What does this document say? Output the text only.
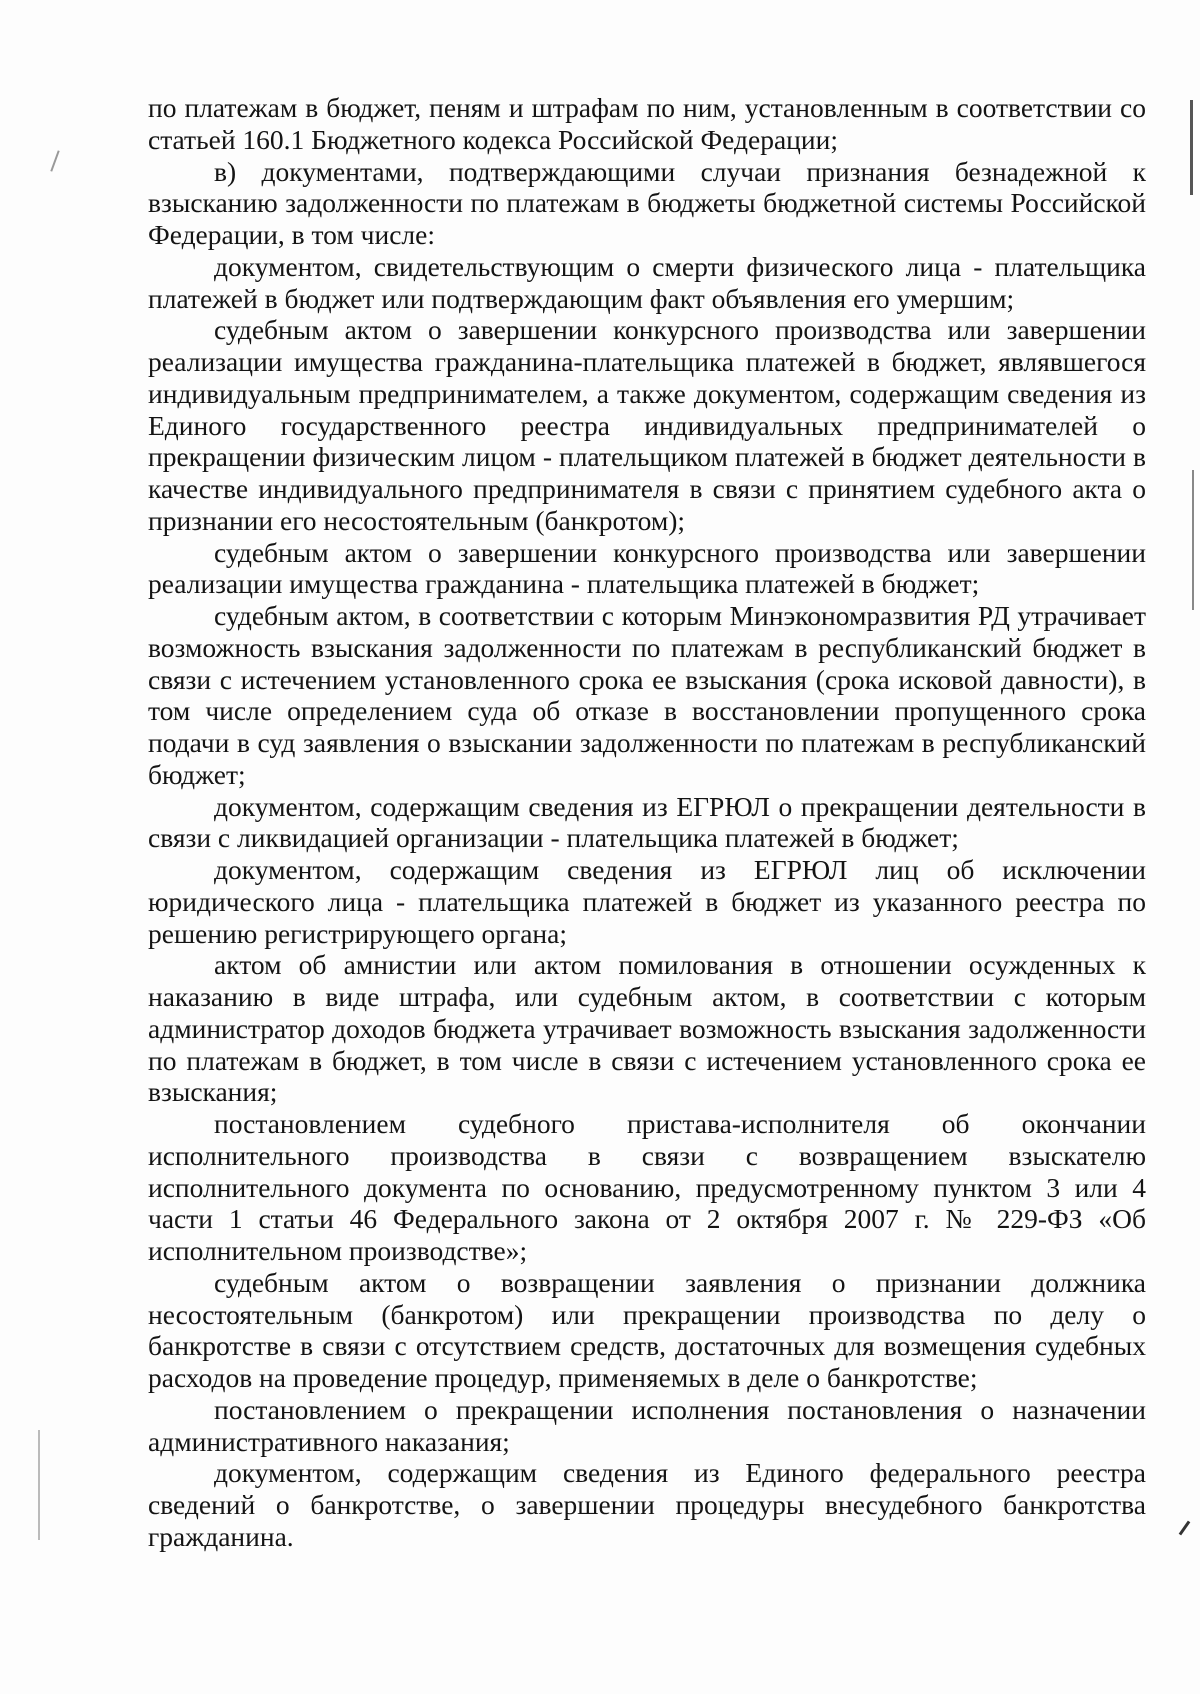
по платежам в бюджет, пеням и штрафам по ним, установленным в соответствии со статьей 160.1 Бюджетного кодекса Российской Федерации;

в) документами, подтверждающими случаи признания безнадежной к взысканию задолженности по платежам в бюджеты бюджетной системы Российской Федерации, в том числе:

документом, свидетельствующим о смерти физического лица - плательщика платежей в бюджет или подтверждающим факт объявления его умершим;

судебным актом о завершении конкурсного производства или завершении реализации имущества гражданина-плательщика платежей в бюджет, являвшегося индивидуальным предпринимателем, а также документом, содержащим сведения из Единого государственного реестра индивидуальных предпринимателей о прекращении физическим лицом - плательщиком платежей в бюджет деятельности в качестве индивидуального предпринимателя в связи с принятием судебного акта о признании его несостоятельным (банкротом);

судебным актом о завершении конкурсного производства или завершении реализации имущества гражданина - плательщика платежей в бюджет;

судебным актом, в соответствии с которым Минэкономразвития РД утрачивает возможность взыскания задолженности по платежам в республиканский бюджет в связи с истечением установленного срока ее взыскания (срока исковой давности), в том числе определением суда об отказе в восстановлении пропущенного срока подачи в суд заявления о взыскании задолженности по платежам в республиканский бюджет;

документом, содержащим сведения из ЕГРЮЛ о прекращении деятельности в связи с ликвидацией организации - плательщика платежей в бюджет;

документом, содержащим сведения из ЕГРЮЛ лиц об исключении юридического лица - плательщика платежей в бюджет из указанного реестра по решению регистрирующего органа;

актом об амнистии или актом помилования в отношении осужденных к наказанию в виде штрафа, или судебным актом, в соответствии с которым администратор доходов бюджета утрачивает возможность взыскания задолженности по платежам в бюджет, в том числе в связи с истечением установленного срока ее взыскания;

постановлением судебного пристава-исполнителя об окончании исполнительного производства в связи с возвращением взыскателю исполнительного документа по основанию, предусмотренному пунктом 3 или 4 части 1 статьи 46 Федерального закона от 2 октября 2007 г. № 229-ФЗ «Об исполнительном производстве»;

судебным актом о возвращении заявления о признании должника несостоятельным (банкротом) или прекращении производства по делу о банкротстве в связи с отсутствием средств, достаточных для возмещения судебных расходов на проведение процедур, применяемых в деле о банкротстве;

постановлением о прекращении исполнения постановления о назначении административного наказания;

документом, содержащим сведения из Единого федерального реестра сведений о банкротстве, о завершении процедуры внесудебного банкротства гражданина.
